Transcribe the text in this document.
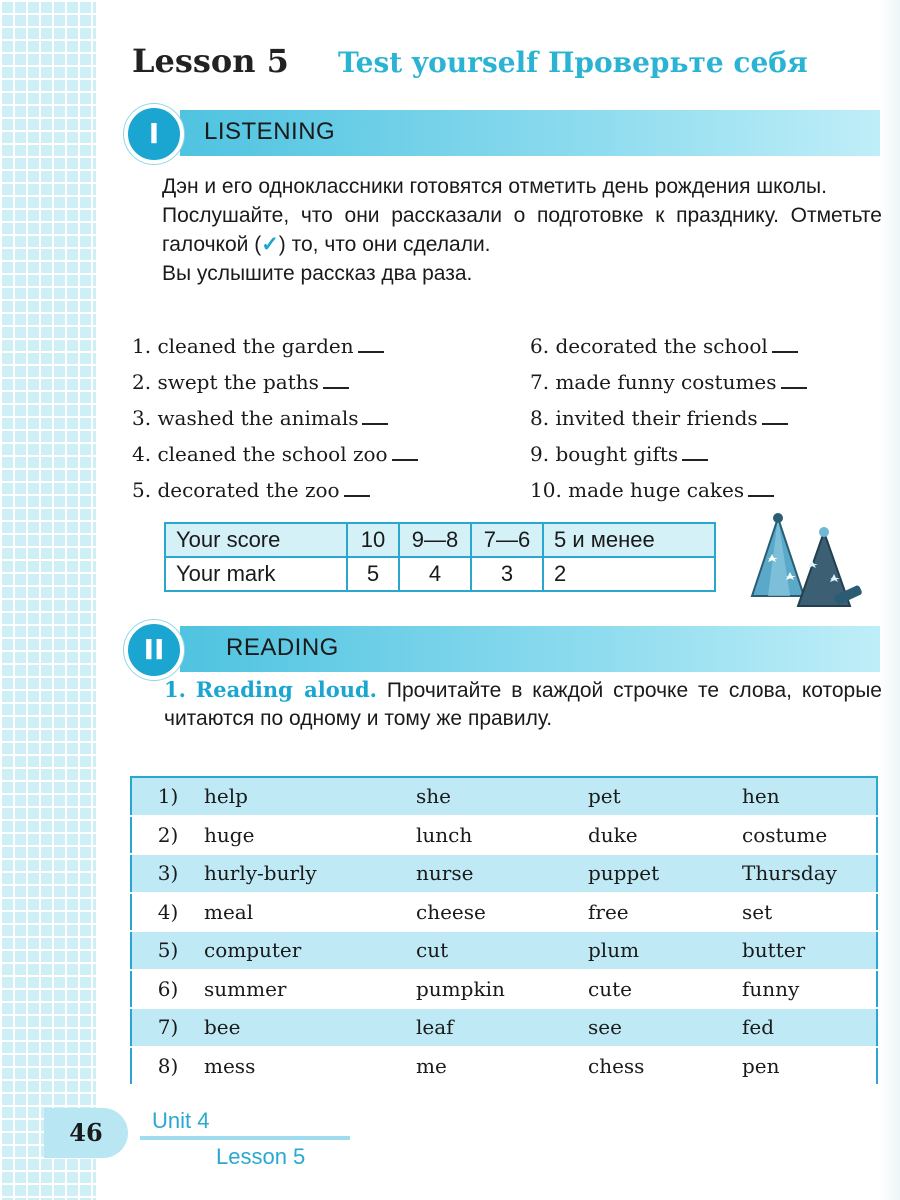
Lesson 5 Test yourself Проверьте себя
I	LISTENING

Дэн и его одноклассники готовятся отметить день рождения школы.

Послушайте, что они рассказали о подготовке к празднику. Отметьте галочкой (✓) то, что они сделали.

Вы услышите рассказ два раза.

1. cleaned the garden
2. swept the paths
3. washed the animals
4. cleaned the school zoo
5. decorated the zoo
6. decorated the school
7. made funny costumes
8. invited their friends
9. bought gifts
10. made huge cakes
Your score	10	9—8	7—6	5 и менее
Your mark	5	4	3	2
II	READING
1. Reading aloud. Прочитайте в каждой строчке те слова, которые читаются по одному и тому же правилу.
1)	help	she	pet	hen
2)	huge	lunch	duke	costume
3)	hurly-burly	nurse	puppet	Thursday
4)	meal	cheese	free	set
5)	computer	cut	plum	butter
6)	summer	pumpkin	cute	funny
7)	bee	leaf	see	fed
8)	mess	me	chess	pen
46	Unit 4
Lesson 5
